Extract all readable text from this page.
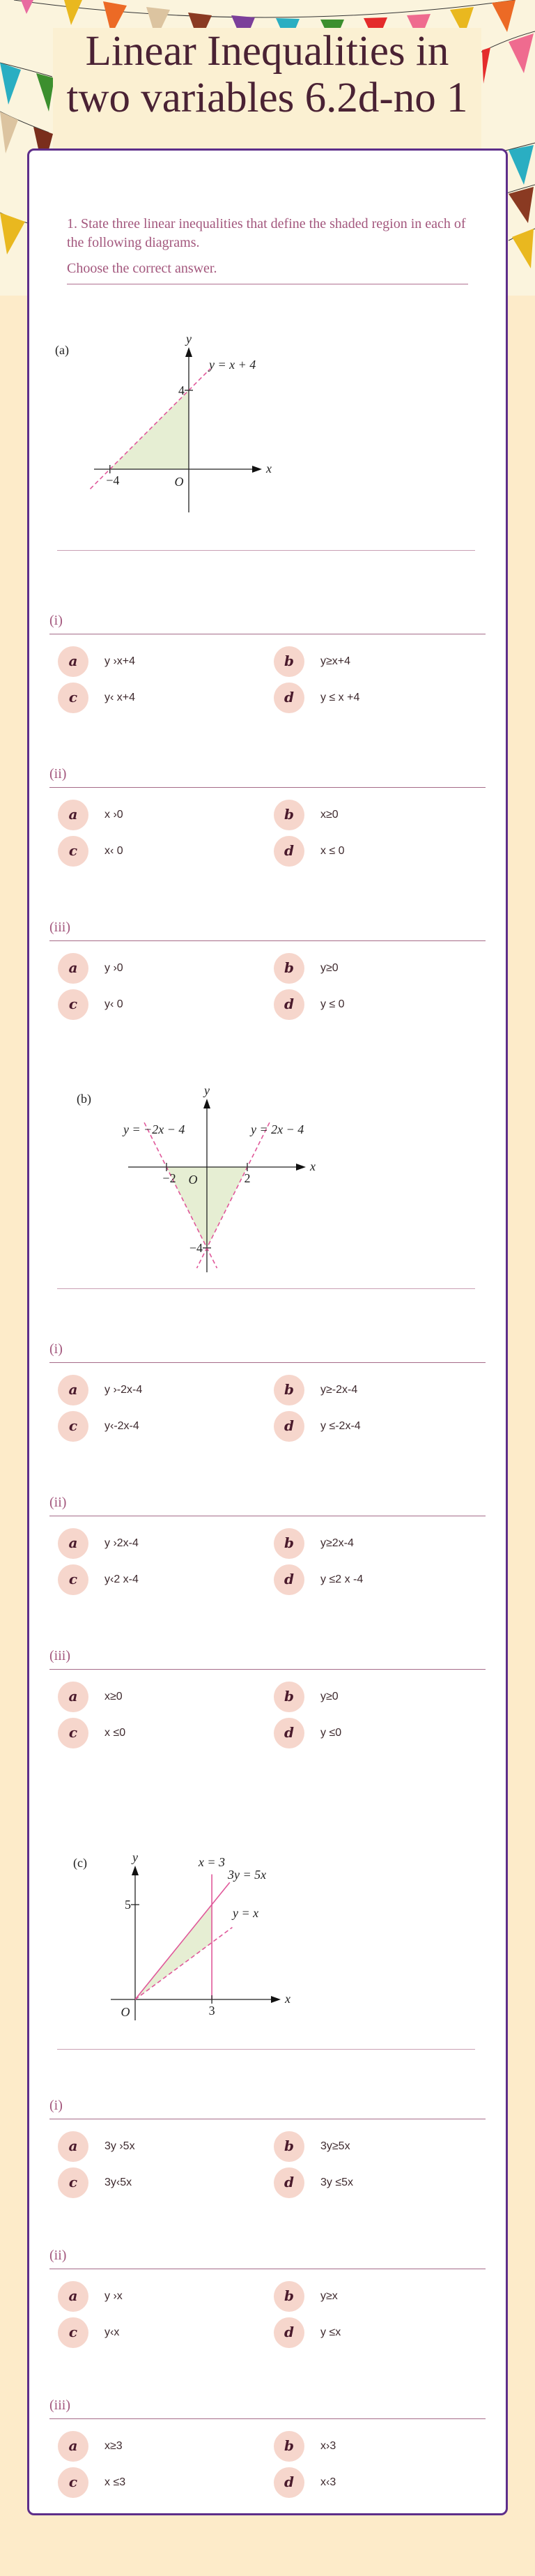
Linear Inequalities in two variables 6.2d-no 1

1. State three linear inequalities that define the shaded region in each of the following diagrams.

Choose the correct answer.

y = x + 4
−4
4
O
x
y
(a)
(i)
a	y ›x+4	b	y≥x+4
c	y‹ x+4	d	y ≤ x +4
(ii)
a	x ›0	b	x≥0
c	x‹ 0	d	x ≤ 0
(iii)
a	y ›0	b	y≥0
c	y‹ 0	d	y ≤ 0
y = −2x − 4	y = 2x − 4
−2	2
−4
O
x
y
(b)
(i)
a	y ›-2x-4	b	y≥-2x-4
c	y‹-2x-4	d	y ≤-2x-4
(ii)
a	y ›2x-4	b	y≥2x-4
c	y‹2 x-4	d	y ≤2 x -4
(iii)
a	x≥0	b	y≥0
c	x ≤0	d	y ≤0
x = 3
3y = 5x
y = x
3
5
O
x
y
(c)
(i)
a	3y ›5x	b	3y≥5x
c	3y‹5x	d	3y ≤5x
(ii)
a	y ›x	b	y≥x
c	y‹x	d	y ≤x
(iii)
a	x≥3	b	x›3
c	x ≤3	d	x‹3
